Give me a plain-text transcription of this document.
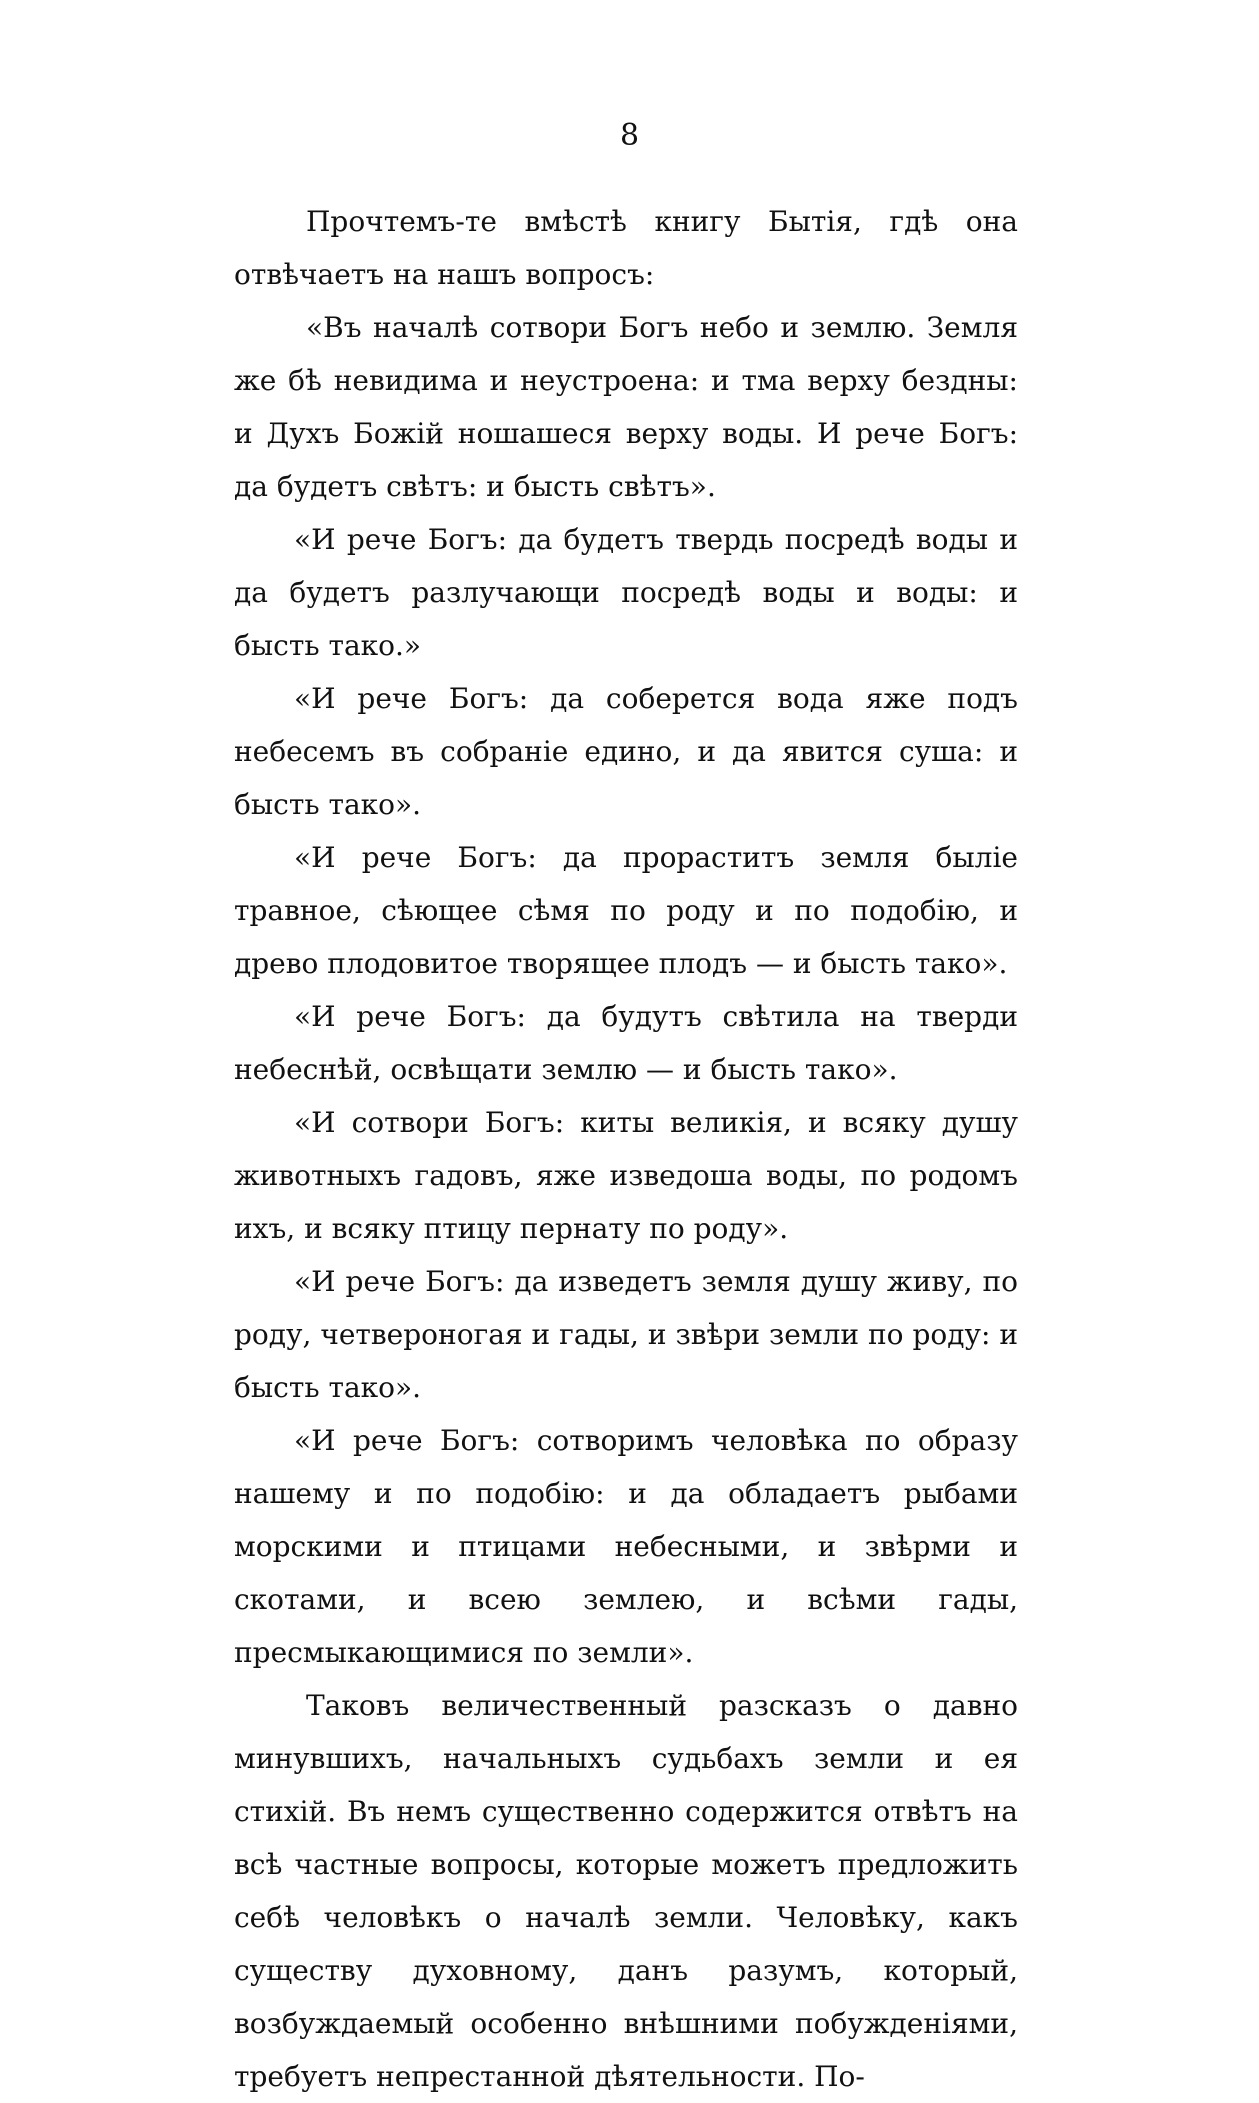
8

Прочтемъ-те вмѣстѣ книгу Бытія, гдѣ она отвѣчаетъ на нашъ вопросъ:

«Въ началѣ сотвори Богъ небо и землю. Земля же бѣ невидима и неустроена: и тма верху бездны: и Духъ Божій ношашеся верху воды. И рече Богъ: да будетъ свѣтъ: и бысть свѣтъ».

«И рече Богъ: да будетъ твердь посредѣ воды и да будетъ разлучающи посредѣ воды и воды: и бысть тако.»

«И рече Богъ: да соберется вода яже подъ небесемъ въ собраніе едино, и да явится суша: и бысть тако».

«И рече Богъ: да прораститъ земля быліе травное, сѣющее сѣмя по роду и по подобію, и древо плодовитое творящее плодъ — и бысть тако».

«И рече Богъ: да будутъ свѣтила на тверди небеснѣй, освѣщати землю — и бысть тако».

«И сотвори Богъ: киты великія, и всяку душу животныхъ гадовъ, яже изведоша воды, по родомъ ихъ, и всяку птицу пернату по роду».

«И рече Богъ: да изведетъ земля душу живу, по роду, четвероногая и гады, и звѣри земли по роду: и бысть тако».

«И рече Богъ: сотворимъ человѣка по образу нашему и по подобію: и да обладаетъ рыбами морскими и птицами небесными, и звѣрми и скотами, и всею землею, и всѣми гады, пресмыкающимися по земли».

Таковъ величественный разсказъ о давно минувшихъ, начальныхъ судьбахъ земли и ея стихій. Въ немъ существенно содержится отвѣтъ на всѣ частные вопросы, которые можетъ предложить себѣ человѣкъ о началѣ земли. Человѣку, какъ существу духовному, данъ разумъ, который, возбуждаемый особенно внѣшними побужденіями, требуетъ непрестанной дѣятельности. По-
